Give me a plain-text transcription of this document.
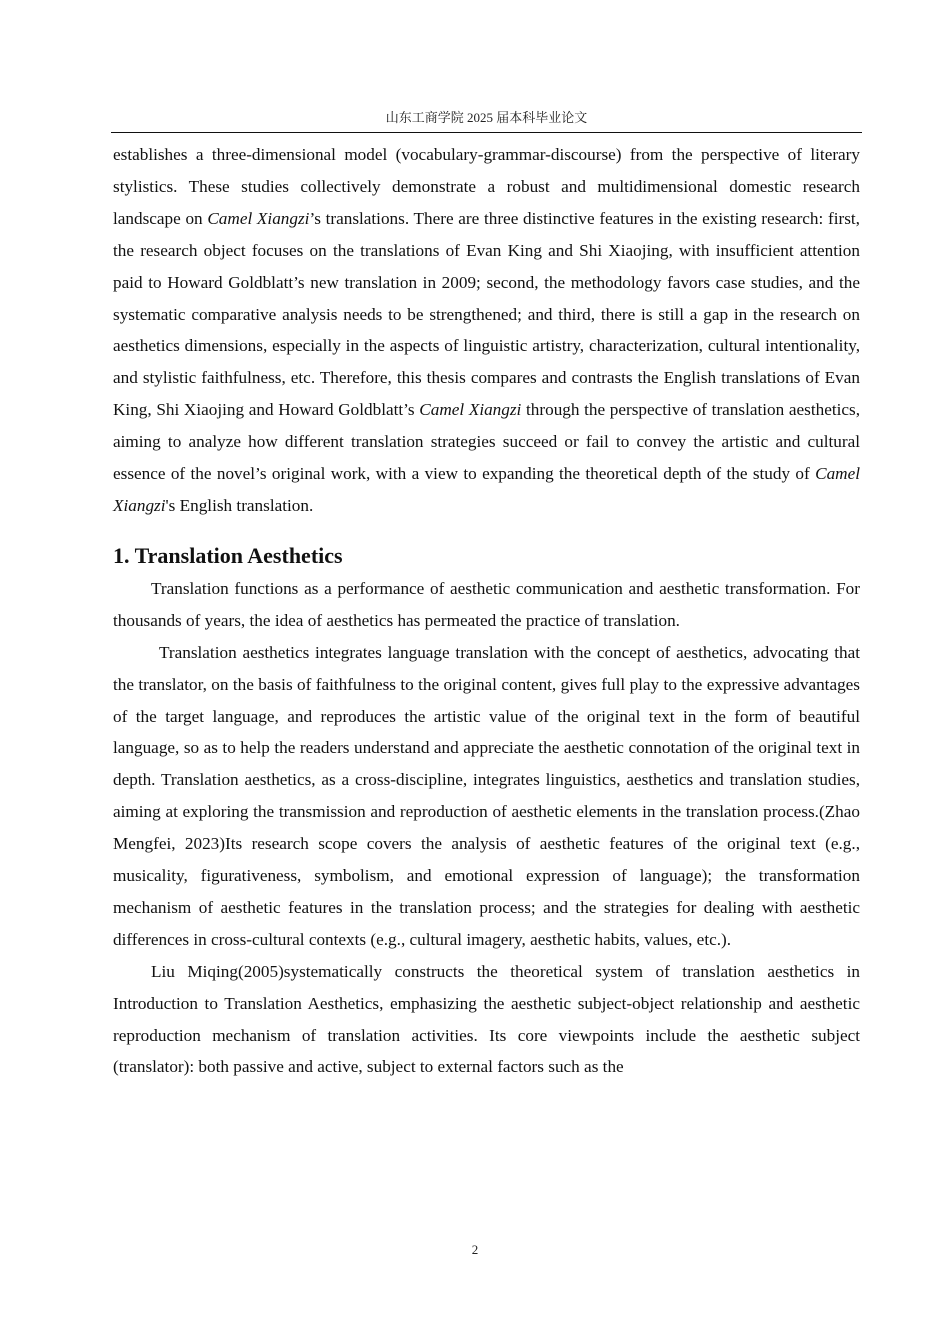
山东工商学院 2025 届本科毕业论文

establishes a three-dimensional model (vocabulary-grammar-discourse) from the perspective of literary stylistics. These studies collectively demonstrate a robust and multidimensional domestic research landscape on Camel Xiangzi’s translations. There are three distinctive features in the existing research: first, the research object focuses on the translations of Evan King and Shi Xiaojing, with insufficient attention paid to Howard Goldblatt’s new translation in 2009; second, the methodology favors case studies, and the systematic comparative analysis needs to be strengthened; and third, there is still a gap in the research on aesthetics dimensions, especially in the aspects of linguistic artistry, characterization, cultural intentionality, and stylistic faithfulness, etc. Therefore, this thesis compares and contrasts the English translations of Evan King, Shi Xiaojing and Howard Goldblatt’s Camel Xiangzi through the perspective of translation aesthetics, aiming to analyze how different translation strategies succeed or fail to convey the artistic and cultural essence of the novel’s original work, with a view to expanding the theoretical depth of the study of Camel Xiangzi's English translation.

1. Translation Aesthetics

Translation functions as a performance of aesthetic communication and aesthetic transformation. For thousands of years, the idea of aesthetics has permeated the practice of translation.

Translation aesthetics integrates language translation with the concept of aesthetics, advocating that the translator, on the basis of faithfulness to the original content, gives full play to the expressive advantages of the target language, and reproduces the artistic value of the original text in the form of beautiful language, so as to help the readers understand and appreciate the aesthetic connotation of the original text in depth. Translation aesthetics, as a cross-discipline, integrates linguistics, aesthetics and translation studies, aiming at exploring the transmission and reproduction of aesthetic elements in the translation process.(Zhao Mengfei, 2023)Its research scope covers the analysis of aesthetic features of the original text (e.g., musicality, figurativeness, symbolism, and emotional expression of language); the transformation mechanism of aesthetic features in the translation process; and the strategies for dealing with aesthetic differences in cross-cultural contexts (e.g., cultural imagery, aesthetic habits, values, etc.).

Liu Miqing(2005)systematically constructs the theoretical system of translation aesthetics in Introduction to Translation Aesthetics, emphasizing the aesthetic subject-object relationship and aesthetic reproduction mechanism of translation activities. Its core viewpoints include the aesthetic subject (translator): both passive and active, subject to external factors such as the

2
